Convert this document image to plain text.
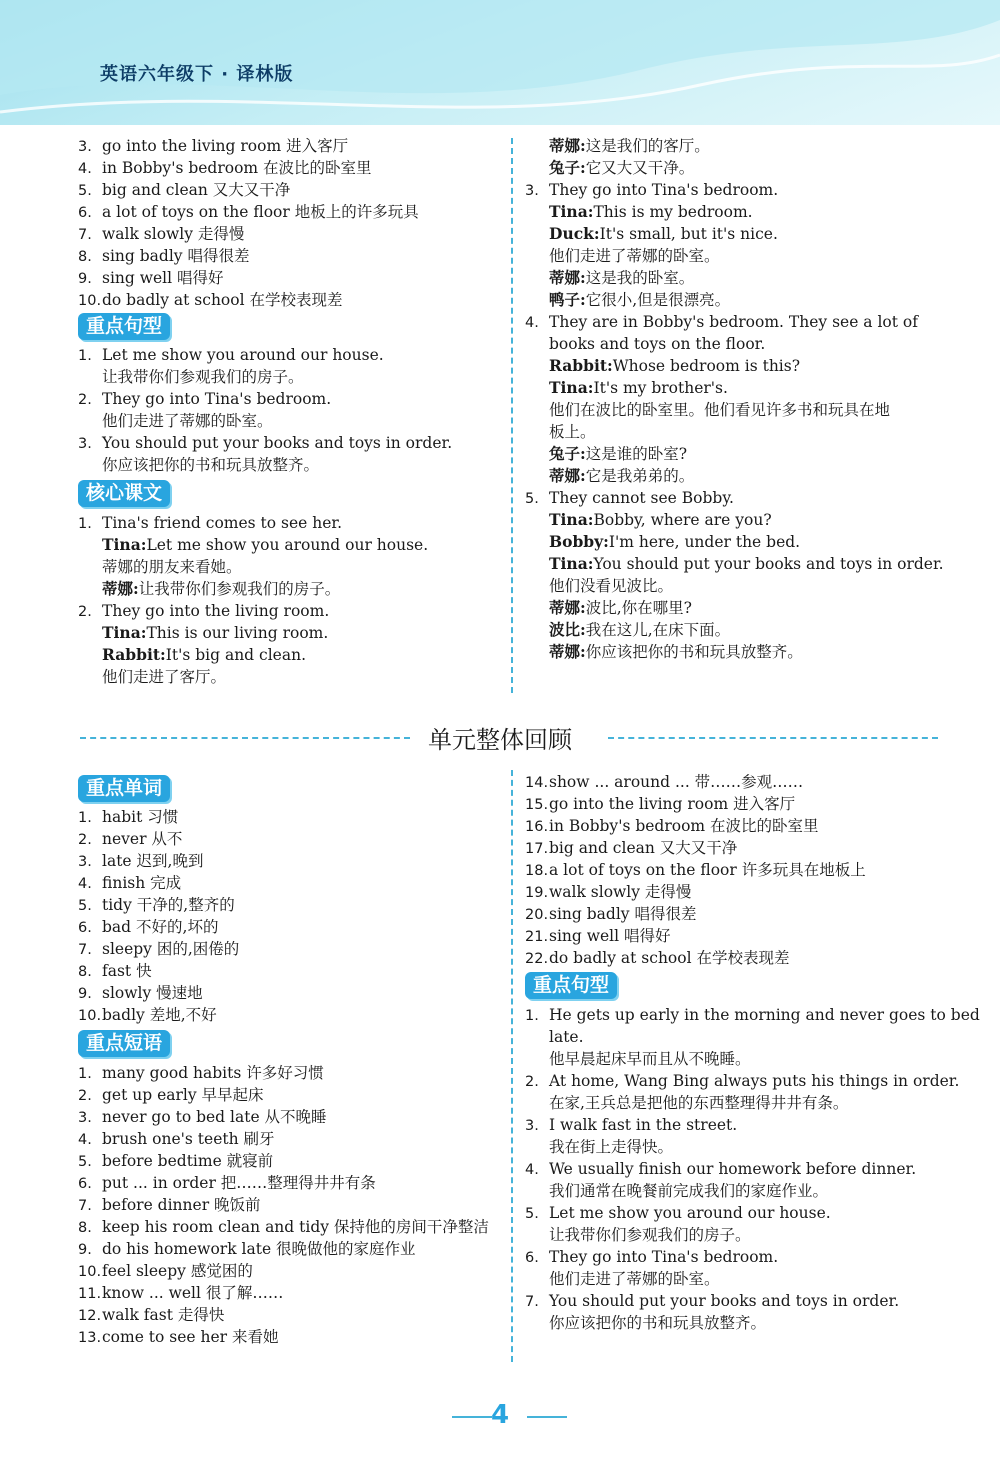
英语六年级下 · 译林版
单元整体回顾
4
3. go into the living room 进入客厅
4. in Bobby's bedroom 在波比的卧室里
5. big and clean 又大又干净
6. a lot of toys on the floor 地板上的许多玩具
7. walk slowly 走得慢
8. sing badly 唱得很差
9. sing well 唱得好
10.do badly at school 在学校表现差
重点句型
1. Let me show you around our house.
让我带你们参观我们的房子。
2. They go into Tina's bedroom.
他们走进了蒂娜的卧室。
3. You should put your books and toys in order.
你应该把你的书和玩具放整齐。
核心课文
1. Tina's friend comes to see her.
Tina:Let me show you around our house.
蒂娜的朋友来看她。
蒂娜:让我带你们参观我们的房子。
2. They go into the living room.
Tina:This is our living room.
Rabbit:It's big and clean.
他们走进了客厅。
蒂娜:这是我们的客厅。
兔子:它又大又干净。
3. They go into Tina's bedroom.
Tina:This is my bedroom.
Duck:It's small, but it's nice.
他们走进了蒂娜的卧室。
蒂娜:这是我的卧室。
鸭子:它很小,但是很漂亮。
4. They are in Bobby's bedroom. They see a lot of
books and toys on the floor.
Rabbit:Whose bedroom is this?
Tina:It's my brother's.
他们在波比的卧室里。他们看见许多书和玩具在地
板上。
兔子:这是谁的卧室?
蒂娜:它是我弟弟的。
5. They cannot see Bobby.
Tina:Bobby, where are you?
Bobby:I'm here, under the bed.
Tina:You should put your books and toys in order.
他们没看见波比。
蒂娜:波比,你在哪里?
波比:我在这儿,在床下面。
蒂娜:你应该把你的书和玩具放整齐。
重点单词
1. habit 习惯
2. never 从不
3. late 迟到,晚到
4. finish 完成
5. tidy 干净的,整齐的
6. bad 不好的,坏的
7. sleepy 困的,困倦的
8. fast 快
9. slowly 慢速地
10.badly 差地,不好
重点短语
1. many good habits 许多好习惯
2. get up early 早早起床
3. never go to bed late 从不晚睡
4. brush one's teeth 刷牙
5. before bedtime 就寝前
6. put ... in order 把……整理得井井有条
7. before dinner 晚饭前
8. keep his room clean and tidy 保持他的房间干净整洁
9. do his homework late 很晚做他的家庭作业
10.feel sleepy 感觉困的
11.know ... well 很了解……
12.walk fast 走得快
13.come to see her 来看她
14.show ... around ... 带……参观……
15.go into the living room 进入客厅
16.in Bobby's bedroom 在波比的卧室里
17.big and clean 又大又干净
18.a lot of toys on the floor 许多玩具在地板上
19.walk slowly 走得慢
20.sing badly 唱得很差
21.sing well 唱得好
22.do badly at school 在学校表现差
重点句型
1. He gets up early in the morning and never goes to bed
late.
他早晨起床早而且从不晚睡。
2. At home, Wang Bing always puts his things in order.
在家,王兵总是把他的东西整理得井井有条。
3. I walk fast in the street.
我在街上走得快。
4. We usually finish our homework before dinner.
我们通常在晚餐前完成我们的家庭作业。
5. Let me show you around our house.
让我带你们参观我们的房子。
6. They go into Tina's bedroom.
他们走进了蒂娜的卧室。
7. You should put your books and toys in order.
你应该把你的书和玩具放整齐。
